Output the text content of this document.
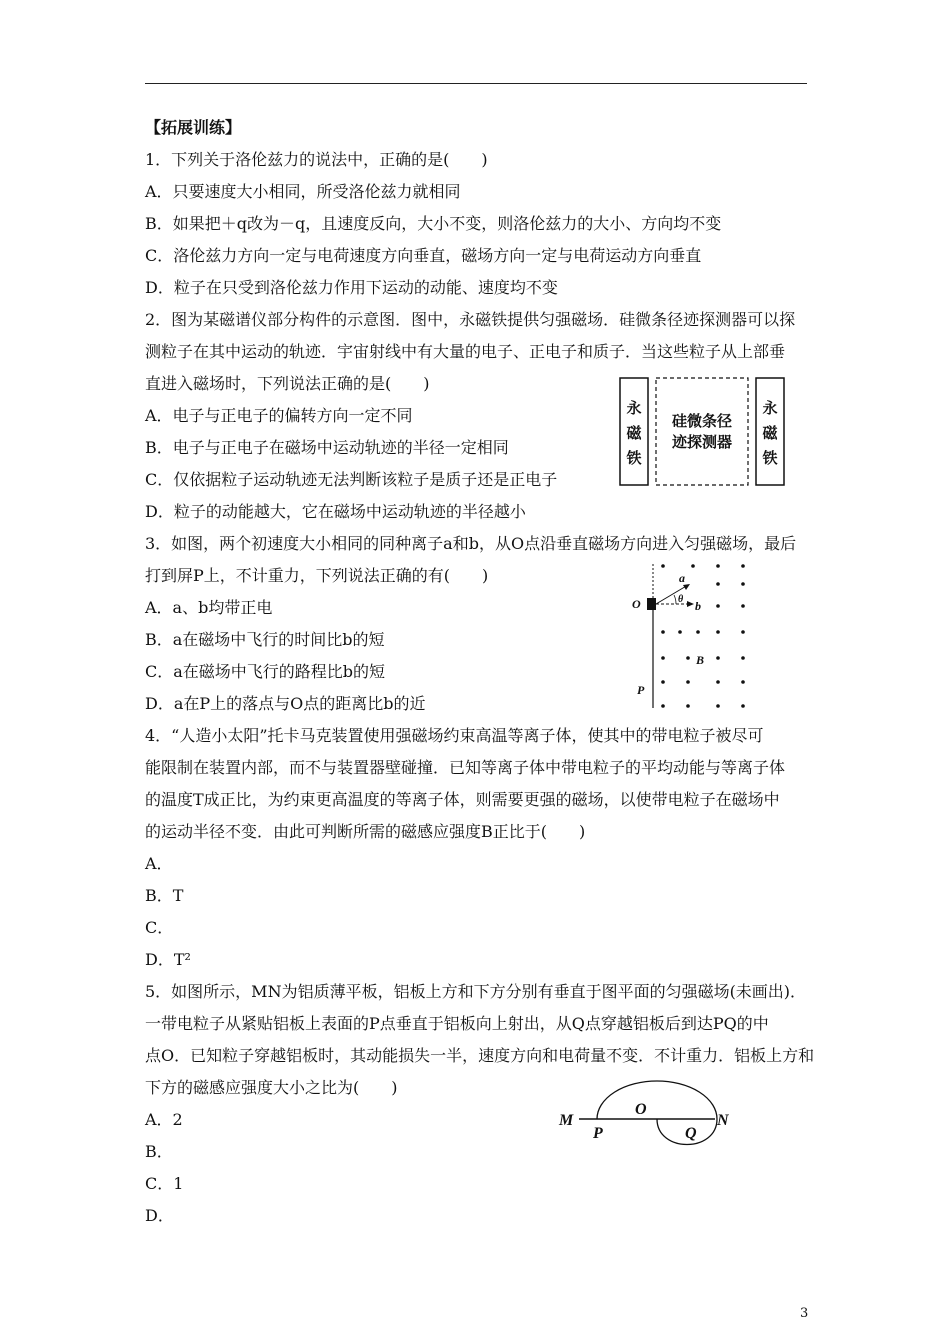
【拓展训练】
1．下列关于洛伦兹力的说法中，正确的是(　　)
A．只要速度大小相同，所受洛伦兹力就相同
B．如果把＋q改为－q，且速度反向，大小不变，则洛伦兹力的大小、方向均不变
C．洛伦兹力方向一定与电荷速度方向垂直，磁场方向一定与电荷运动方向垂直
D．粒子在只受到洛伦兹力作用下运动的动能、速度均不变
2．图为某磁谱仪部分构件的示意图．图中，永磁铁提供匀强磁场．硅微条径迹探测器可以探
测粒子在其中运动的轨迹．宇宙射线中有大量的电子、正电子和质子．当这些粒子从上部垂
直进入磁场时，下列说法正确的是(　　)
A．电子与正电子的偏转方向一定不同
B．电子与正电子在磁场中运动轨迹的半径一定相同
C．仅依据粒子运动轨迹无法判断该粒子是质子还是正电子
D．粒子的动能越大，它在磁场中运动轨迹的半径越小
永
磁
铁
永
磁
铁
硅微条径
迹探测器
3．如图，两个初速度大小相同的同种离子a和b，从O点沿垂直磁场方向进入匀强磁场，最后
打到屏P上，不计重力，下列说法正确的有(　　)
A．a、b均带正电
B．a在磁场中飞行的时间比b的短
C．a在磁场中飞行的路程比b的短
D．a在P上的落点与O点的距离比b的近
O
a
b
θ
B
P
4．“人造小太阳”托卡马克装置使用强磁场约束高温等离子体，使其中的带电粒子被尽可
能限制在装置内部，而不与装置器壁碰撞．已知等离子体中带电粒子的平均动能与等离子体
的温度T成正比，为约束更高温度的等离子体，则需要更强的磁场，以使带电粒子在磁场中
的运动半径不变．由此可判断所需的磁感应强度B正比于(　　)
A．
B．T
C．
D．T²
5．如图所示，MN为铝质薄平板，铝板上方和下方分别有垂直于图平面的匀强磁场(未画出)．
一带电粒子从紧贴铝板上表面的P点垂直于铝板向上射出，从Q点穿越铝板后到达PQ的中
点O．已知粒子穿越铝板时，其动能损失一半，速度方向和电荷量不变．不计重力．铝板上方和
下方的磁感应强度大小之比为(　　)
A．2
B．
C．1
D．
M
P
O
Q
N
3
